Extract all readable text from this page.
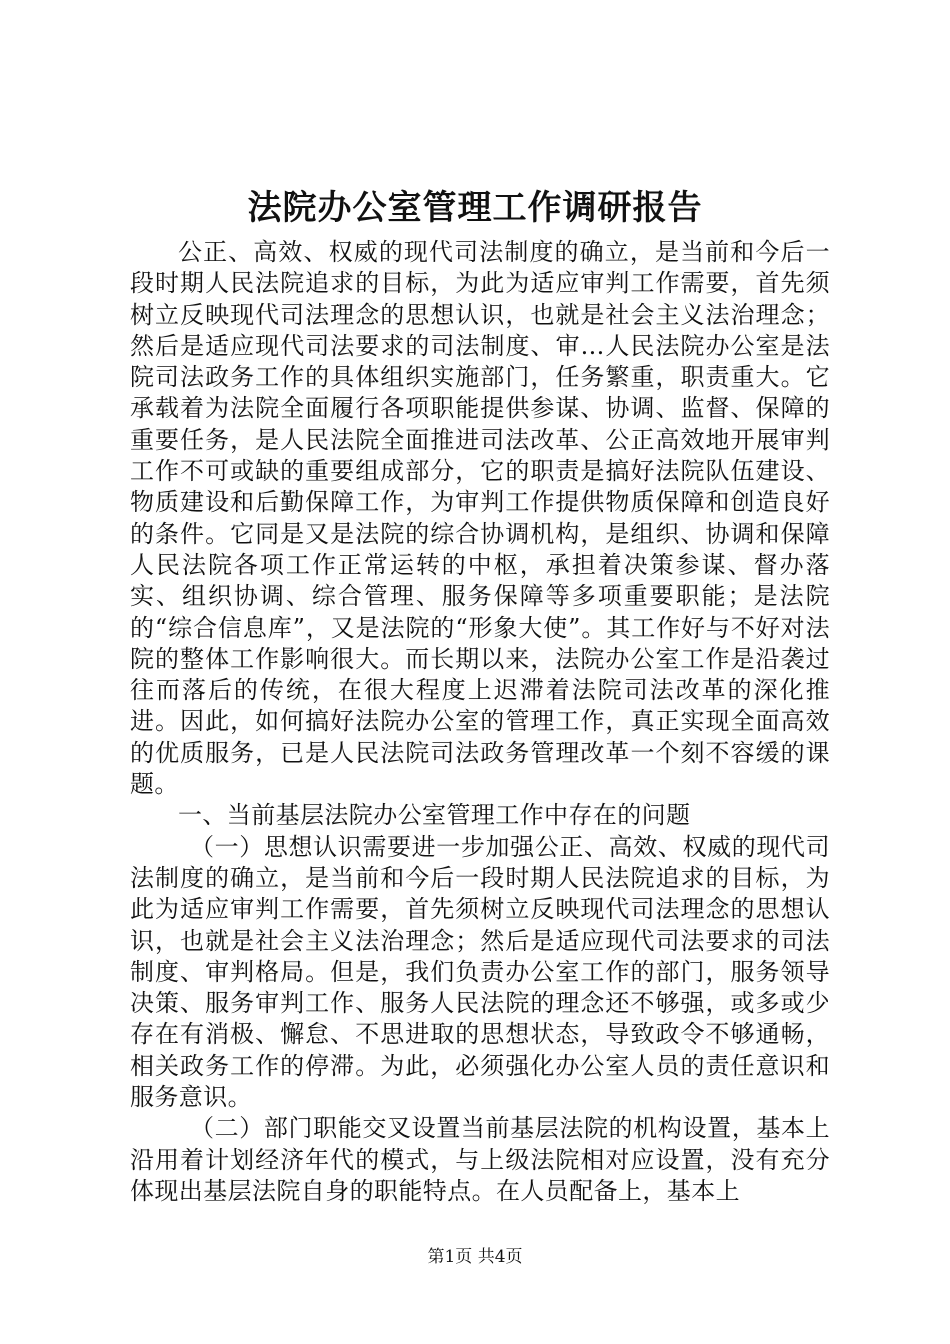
法院办公室管理工作调研报告

公正、高效、权威的现代司法制度的确立，是当前和今后一段时期人民法院追求的目标，为此为适应审判工作需要，首先须树立反映现代司法理念的思想认识，也就是社会主义法治理念；然后是适应现代司法要求的司法制度、审...人民法院办公室是法院司法政务工作的具体组织实施部门，任务繁重，职责重大。它承载着为法院全面履行各项职能提供参谋、协调、监督、保障的重要任务，是人民法院全面推进司法改革、公正高效地开展审判工作不可或缺的重要组成部分，它的职责是搞好法院队伍建设、物质建设和后勤保障工作，为审判工作提供物质保障和创造良好的条件。它同是又是法院的综合协调机构，是组织、协调和保障人民法院各项工作正常运转的中枢，承担着决策参谋、督办落实、组织协调、综合管理、服务保障等多项重要职能；是法院的“综合信息库”，又是法院的“形象大使”。其工作好与不好对法院的整体工作影响很大。而长期以来，法院办公室工作是沿袭过往而落后的传统，在很大程度上迟滞着法院司法改革的深化推进。因此，如何搞好法院办公室的管理工作，真正实现全面高效的优质服务，已是人民法院司法政务管理改革一个刻不容缓的课题。

一、当前基层法院办公室管理工作中存在的问题

（一）思想认识需要进一步加强公正、高效、权威的现代司法制度的确立，是当前和今后一段时期人民法院追求的目标，为此为适应审判工作需要，首先须树立反映现代司法理念的思想认识，也就是社会主义法治理念；然后是适应现代司法要求的司法制度、审判格局。但是，我们负责办公室工作的部门，服务领导决策、服务审判工作、服务人民法院的理念还不够强，或多或少存在有消极、懈怠、不思进取的思想状态，导致政令不够通畅，相关政务工作的停滞。为此，必须强化办公室人员的责任意识和服务意识。

（二）部门职能交叉设置当前基层法院的机构设置，基本上沿用着计划经济年代的模式，与上级法院相对应设置，没有充分体现出基层法院自身的职能特点。在人员配备上，基本上

第1页 共4页
